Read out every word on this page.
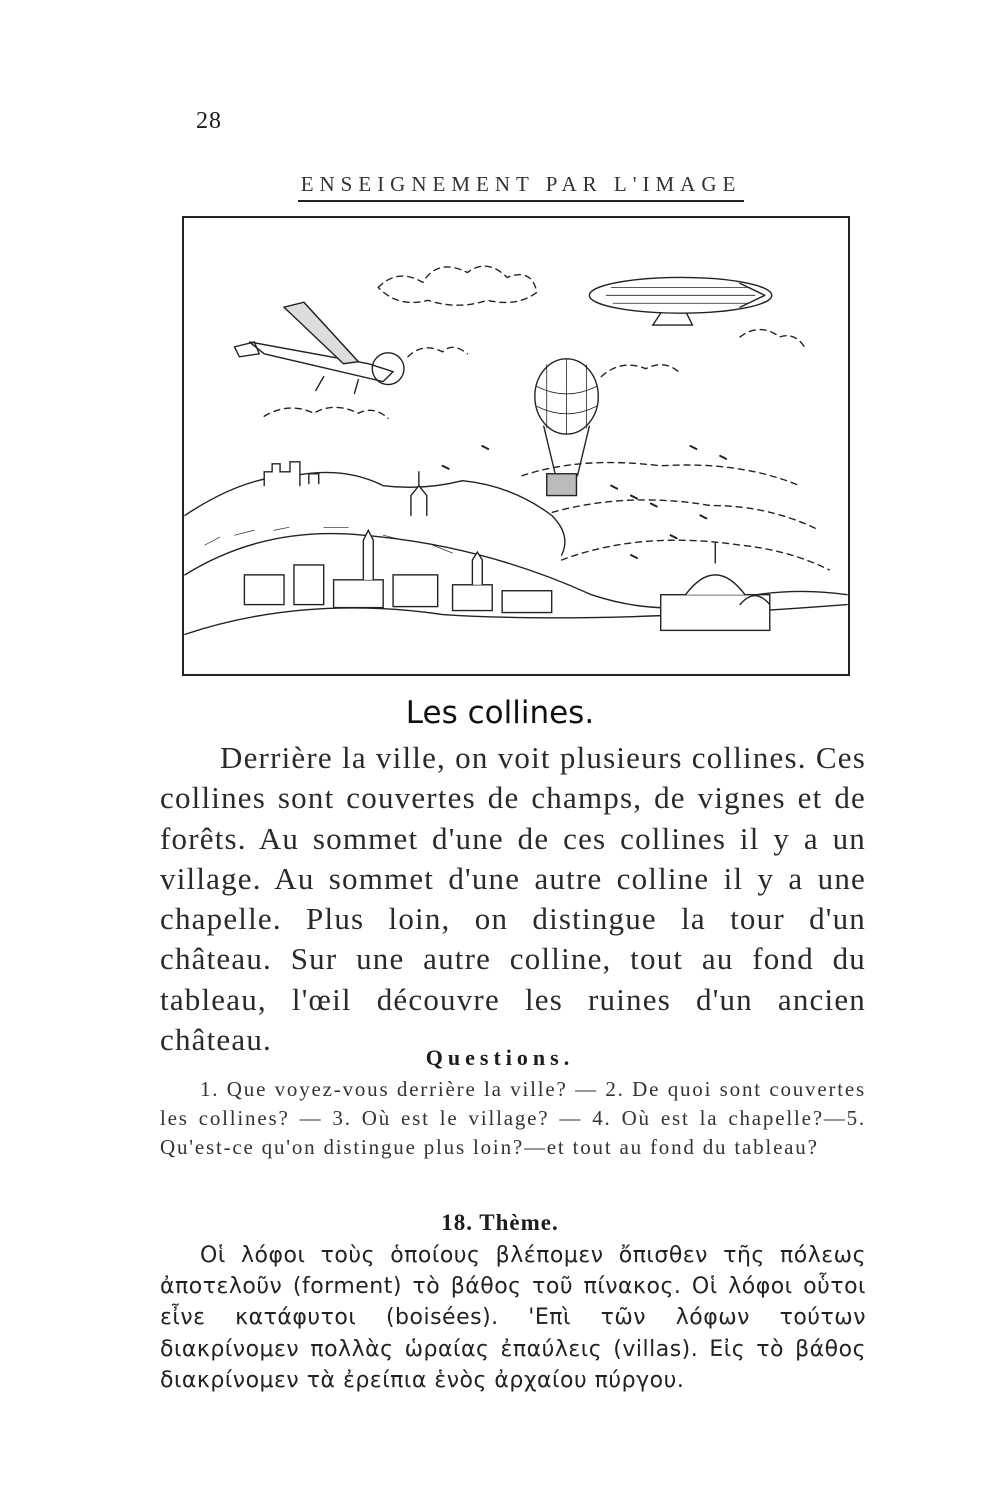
28
ENSEIGNEMENT PAR L'IMAGE
Les collines.

Derrière la ville, on voit plusieurs collines. Ces collines sont couvertes de champs, de vignes et de forêts. Au sommet d'une de ces collines il y a un village. Au sommet d'une autre colline il y a une chapelle. Plus loin, on distingue la tour d'un château. Sur une autre colline, tout au fond du tableau, l'œil découvre les ruines d'un ancien château.

Questions.

1. Que voyez-vous derrière la ville? — 2. De quoi sont couvertes les collines? — 3. Où est le village? — 4. Où est la chapelle?—5. Qu'est-ce qu'on distingue plus loin?—et tout au fond du tableau?

18. Thème.

Οἱ λόφοι τοὺς ὁποίους βλέπομεν ὄπισθεν τῆς πόλεως ἀποτελοῦν (forment) τὸ βάθος τοῦ πίνακος. Οἱ λόφοι οὗτοι εἶνε κατάφυτοι (boisées). 'Επὶ τῶν λόφων τούτων διακρίνομεν πολλὰς ὡραίας ἐπαύλεις (villas). Εἰς τὸ βάθος διακρίνομεν τὰ ἐρείπια ἑνὸς ἀρχαίου πύργου.
